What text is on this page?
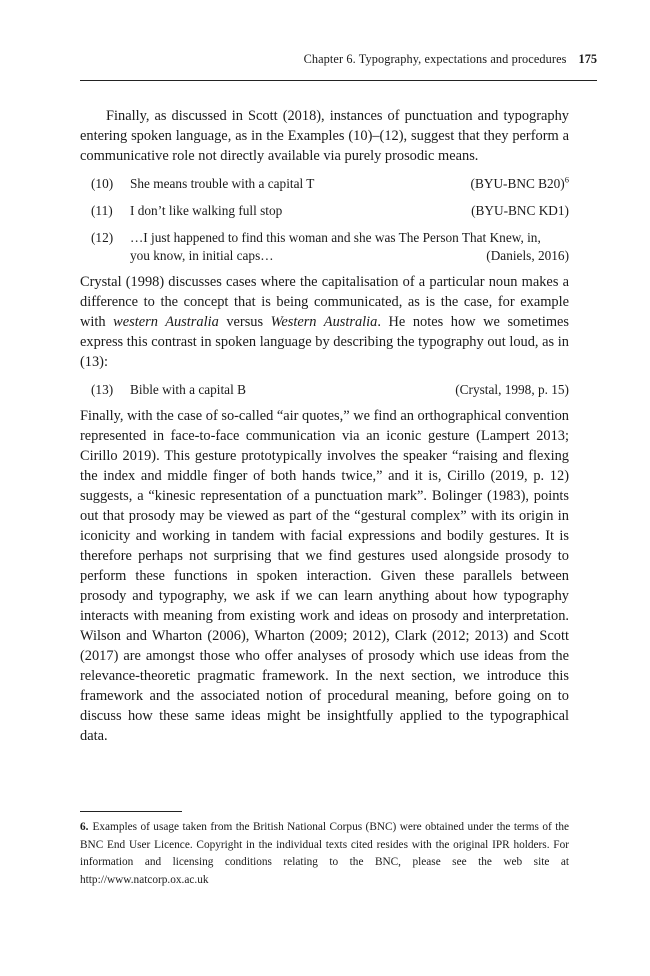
Chapter 6. Typography, expectations and procedures 175

Finally, as discussed in Scott (2018), instances of punctuation and typography entering spoken language, as in the Examples (10)–(12), suggest that they perform a communicative role not directly available via purely prosodic means.

(10)	She means trouble with a capital T	(BYU-BNC B20)$^6$
(11)	I don’t like walking full stop	(BYU-BNC KD1)
(12)	…I just happened to find this woman and she was The Person That Knew, in,
you know, in initial caps…	(Daniels, 2016)

Crystal (1998) discusses cases where the capitalisation of a particular noun makes a difference to the concept that is being communicated, as is the case, for example with western Australia versus Western Australia. He notes how we sometimes express this contrast in spoken language by describing the typography out loud, as in (13):

(13)	Bible with a capital B	(Crystal, 1998, p. 15)

Finally, with the case of so-called “air quotes,” we find an orthographical convention represented in face-to-face communication via an iconic gesture (Lampert 2013; Cirillo 2019). This gesture prototypically involves the speaker “raising and flexing the index and middle finger of both hands twice,” and it is, Cirillo (2019, p. 12) suggests, a “kinesic representation of a punctuation mark”. Bolinger (1983), points out that prosody may be viewed as part of the “gestural complex” with its origin in iconicity and working in tandem with facial expressions and bodily gestures. It is therefore perhaps not surprising that we find gestures used alongside prosody to perform these functions in spoken interaction. Given these parallels between prosody and typography, we ask if we can learn anything about how typography interacts with meaning from existing work and ideas on prosody and interpretation. Wilson and Wharton (2006), Wharton (2009; 2012), Clark (2012; 2013) and Scott (2017) are amongst those who offer analyses of prosody which use ideas from the relevance-theoretic pragmatic framework. In the next section, we introduce this framework and the associated notion of procedural meaning, before going on to discuss how these same ideas might be insightfully applied to the typographical data.

6. Examples of usage taken from the British National Corpus (BNC) were obtained under the terms of the BNC End User Licence. Copyright in the individual texts cited resides with the original IPR holders. For information and licensing conditions relating to the BNC, please see the web site at http://www.natcorp.ox.ac.uk
